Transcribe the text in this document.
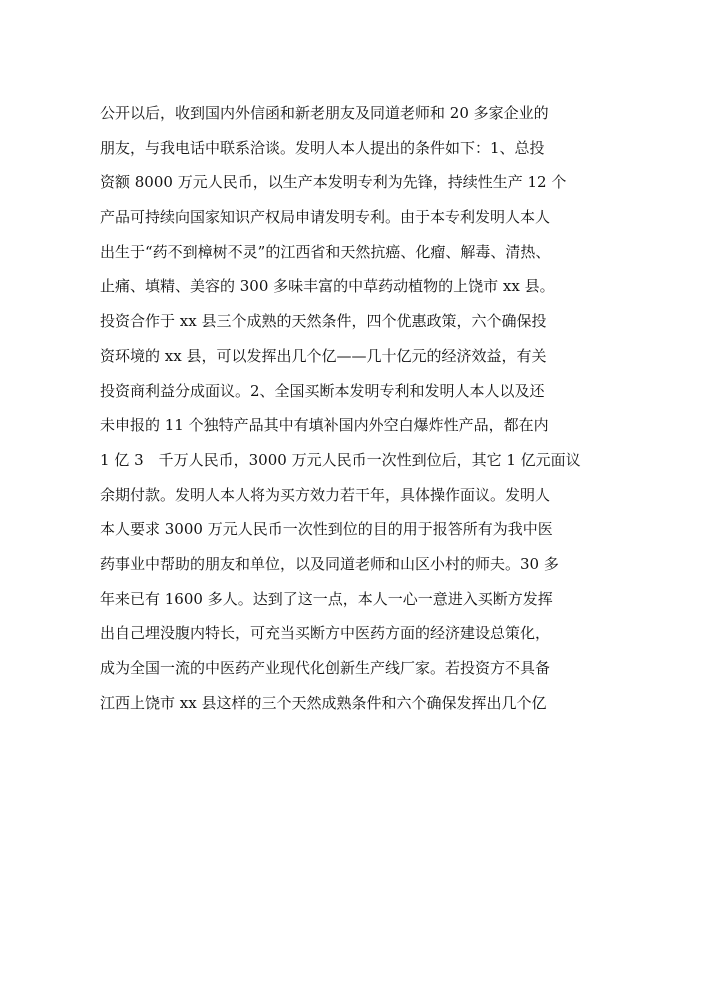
公开以后，收到国内外信函和新老朋友及同道老师和 20 多家企业的
朋友，与我电话中联系洽谈。发明人本人提出的条件如下：1、总投
资额 8000 万元人民币，以生产本发明专利为先锋，持续性生产 12 个
产品可持续向国家知识产权局申请发明专利。由于本专利发明人本人
出生于“药不到樟树不灵”的江西省和天然抗癌、化瘤、解毒、清热、
止痛、填精、美容的 300 多味丰富的中草药动植物的上饶市 xx 县。
投资合作于 xx 县三个成熟的天然条件，四个优惠政策，六个确保投
资环境的 xx 县，可以发挥出几个亿——几十亿元的经济效益，有关
投资商利益分成面议。2、全国买断本发明专利和发明人本人以及还
未申报的 11 个独特产品其中有填补国内外空白爆炸性产品，都在内
1 亿 3　千万人民币，3000 万元人民币一次性到位后，其它 1 亿元面议
余期付款。发明人本人将为买方效力若干年，具体操作面议。发明人
本人要求 3000 万元人民币一次性到位的目的用于报答所有为我中医
药事业中帮助的朋友和单位，以及同道老师和山区小村的师夫。30 多
年来已有 1600 多人。达到了这一点，本人一心一意进入买断方发挥
出自己埋没腹内特长，可充当买断方中医药方面的经济建设总策化，
成为全国一流的中医药产业现代化创新生产线厂家。若投资方不具备
江西上饶市 xx 县这样的三个天然成熟条件和六个确保发挥出几个亿
